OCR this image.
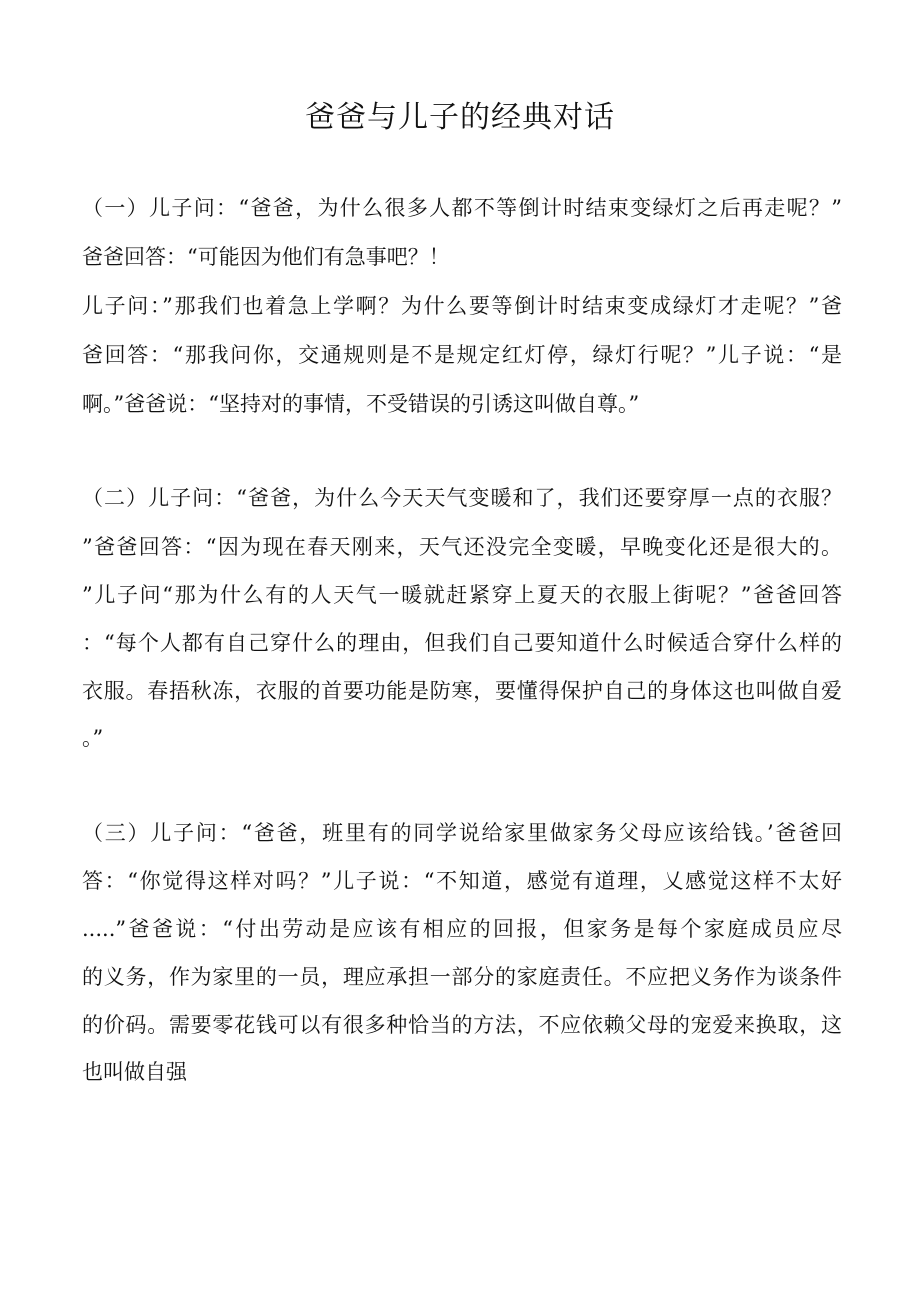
爸爸与儿子的经典对话
（一）儿子问：“爸爸，为什么很多人都不等倒计时结束变绿灯之后再走呢？”
爸爸回答：“可能因为他们有急事吧？！
儿子问：”那我们也着急上学啊？为什么要等倒计时结束变成绿灯才走呢？”爸
爸回答：“那我问你，交通规则是不是规定红灯停，绿灯行呢？”儿子说：“是
啊。”爸爸说：“坚持对的事情，不受错误的引诱这叫做自尊。”
（二）儿子问：“爸爸，为什么今天天气变暖和了，我们还要穿厚一点的衣服？
”爸爸回答：“因为现在春天刚来，天气还没完全变暖，早晚变化还是很大的。
”儿子问“那为什么有的人天气一暖就赶紧穿上夏天的衣服上街呢？”爸爸回答
：“每个人都有自己穿什么的理由，但我们自己要知道什么时候适合穿什么样的
衣服。春捂秋冻，衣服的首要功能是防寒，要懂得保护自己的身体这也叫做自爱
。”
（三）儿子问：“爸爸，班里有的同学说给家里做家务父母应该给钱。’爸爸回
答：“你觉得这样对吗？”儿子说：“不知道，感觉有道理，乂感觉这样不太好
.....”爸爸说：“付出劳动是应该有相应的回报，但家务是每个家庭成员应尽
的义务，作为家里的一员，理应承担一部分的家庭责任。不应把义务作为谈条件
的价码。需要零花钱可以有很多种恰当的方法，不应依赖父母的宠爱来换取，这
也叫做自强
